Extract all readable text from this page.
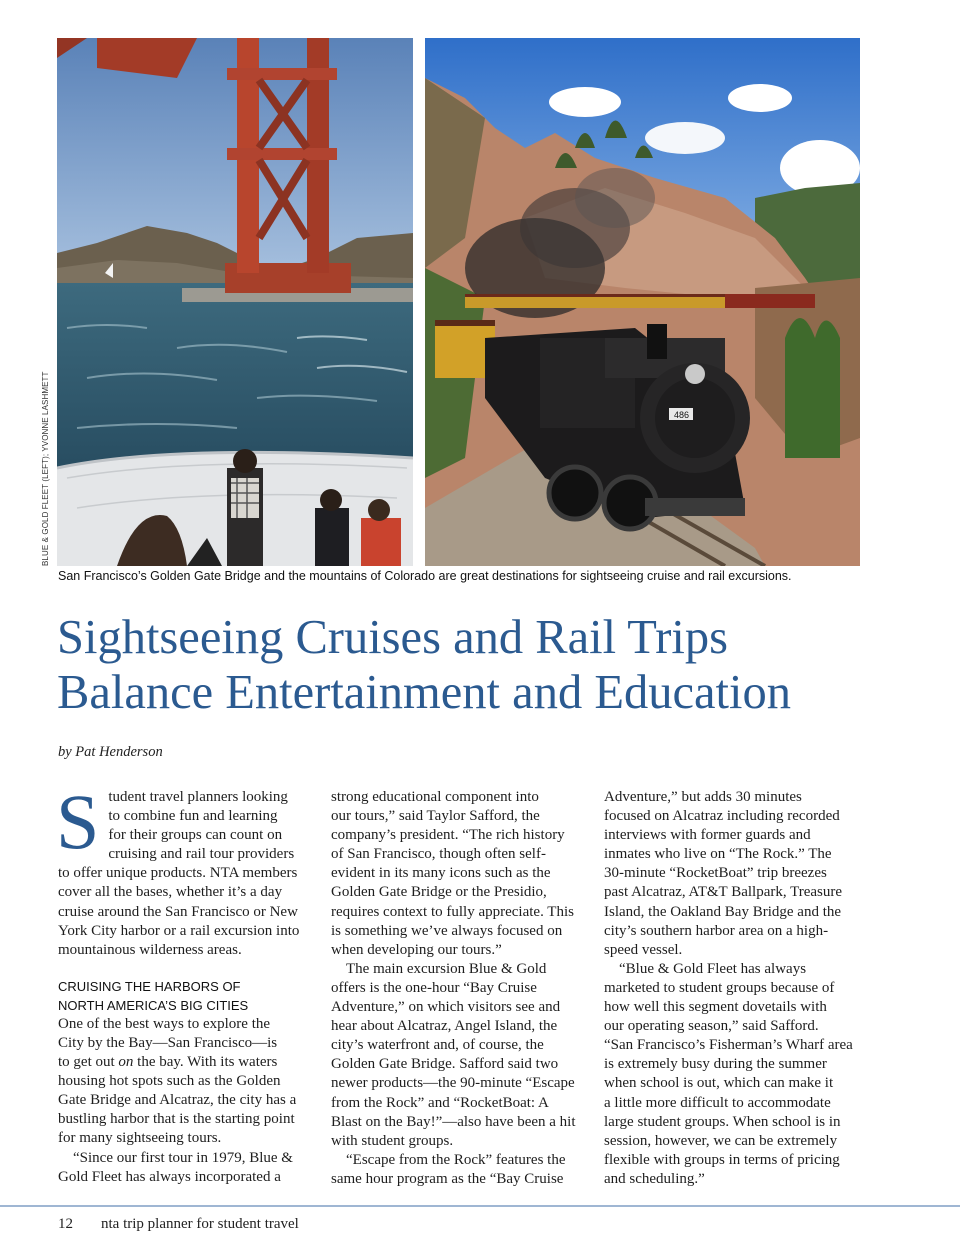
486
BLUE & GOLD FLEET (LEFT); YVONNE LASHMETT
San Francisco’s Golden Gate Bridge and the mountains of Colorado are great destinations for sightseeing cruise and rail excursions.
Sightseeing Cruises and Rail Trips
Balance Entertainment and Education
by Pat Henderson

S tudent travel planners looking
to combine fun and learning
for their groups can count on
cruising and rail tour providers
to offer unique products. NTA members
cover all the bases, whether it’s a day
cruise around the San Francisco or New
York City harbor or a rail excursion into
mountainous wilderness areas.

CRUISING THE HARBORS OF
NORTH AMERICA’S BIG CITIES

One of the best ways to explore the
City by the Bay—San Francisco—is
to get out on the bay. With its waters
housing hot spots such as the Golden
Gate Bridge and Alcatraz, the city has a
bustling harbor that is the starting point
for many sightseeing tours.

“Since our first tour in 1979, Blue &
Gold Fleet has always incorporated a

strong educational component into
our tours,” said Taylor Safford, the
company’s president. “The rich history
of San Francisco, though often self-
evident in its many icons such as the
Golden Gate Bridge or the Presidio,
requires context to fully appreciate. This
is something we’ve always focused on
when developing our tours.”

The main excursion Blue & Gold
offers is the one-hour “Bay Cruise
Adventure,” on which visitors see and
hear about Alcatraz, Angel Island, the
city’s waterfront and, of course, the
Golden Gate Bridge. Safford said two
newer products—the 90-minute “Escape
from the Rock” and “RocketBoat: A
Blast on the Bay!”—also have been a hit
with student groups.

“Escape from the Rock” features the
same hour program as the “Bay Cruise

Adventure,” but adds 30 minutes
focused on Alcatraz including recorded
interviews with former guards and
inmates who live on “The Rock.” The
30-minute “RocketBoat” trip breezes
past Alcatraz, AT&T Ballpark, Treasure
Island, the Oakland Bay Bridge and the
city’s southern harbor area on a high-
speed vessel.

“Blue & Gold Fleet has always
marketed to student groups because of
how well this segment dovetails with
our operating season,” said Safford.
“San Francisco’s Fisherman’s Wharf area
is extremely busy during the summer
when school is out, which can make it
a little more difficult to accommodate
large student groups. When school is in
session, however, we can be extremely
flexible with groups in terms of pricing
and scheduling.”

12 nta trip planner for student travel
